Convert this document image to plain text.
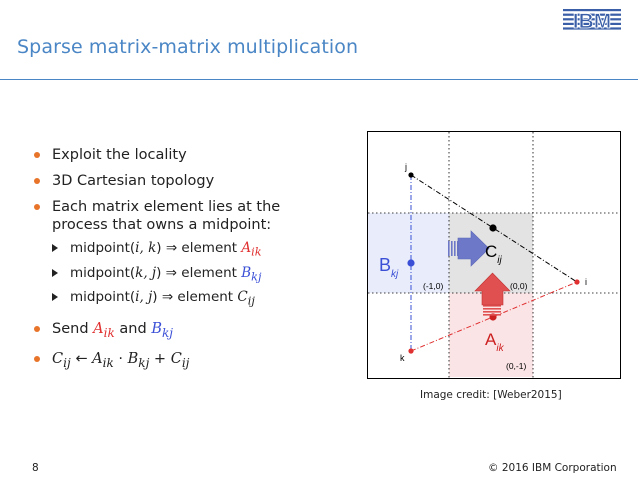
IBM
Sparse matrix-matrix multiplication
Exploit the locality
3D Cartesian topology
Each matrix element lies at the
process that owns a midpoint:
midpoint(i, k) ⇒ element $A_{ik}$
midpoint(k, j) ⇒ element $B_{kj}$
midpoint(i, j) ⇒ element $C_{ij}$
Send $A_{ik}$ and $B_{kj}$
$C_{ij}$ ← $A_{ik} \cdot B_{kj} + C_{ij}$
j
i
k
$B_{kj}$
$C_{ij}$
$A_{ik}$
(-1,0)	(0,0)
(0,-1)
Image credit: [Weber2015]
8	© 2016 IBM Corporation
